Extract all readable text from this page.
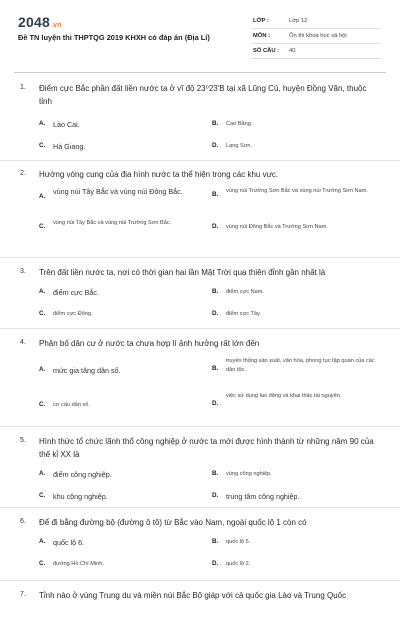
2048.vn
Đề TN luyện thi THPTQG 2019 KHXH có đáp án (Địa Lí)
LỚP :	Lớp 12
MÔN :	Ôn thi khoa học xã hội
SỐ CÂU :	40
1. Điểm cực Bắc phần đất liền nước ta ở vĩ độ 23⁰23'B tại xã Lũng Cú, huyện Đồng Văn, thuộc tỉnh
A.	Lào Cai.	B.	Cao Bằng.
C.	Hà Giang.	D.	Lạng Sơn.
2. Hướng vòng cung của địa hình nước ta thể hiện trong các khu vực.
A.
vùng núi Tây Bắc và vùng núi Đông Bắc.	B.	vùng núi Trường Sơn Bắc và vùng núi Trường Sơn Nam.
C.	vùng núi Tây Bắc và vùng núi Trường Sơn Bắc.	D.	vùng núi Đông Bắc và Trường Sơn Nam.
3. Trên đất liền nước ta, nơi có thời gian hai lần Mặt Trời qua thiên đỉnh gần nhất là
A.	điểm cực Bắc.	B.	điểm cực Nam.
C.	điểm cực Đông.	D.	điểm cực Tây.
4. Phân bố dân cư ở nước ta chưa hợp lí ảnh hưởng rất lớn đến
A.	mức gia tăng dân số.	B.
truyền thống sản xuất, văn hóa, phong tục tập quán của các dân tộc.
C.	cơ cấu dân số.	D.
việc sử dụng lao động và khai thác tài nguyên.
5. Hình thức tổ chức lãnh thổ công nghiệp ở nước ta mới được hình thành từ những năm 90 của thế kỉ XX là
A.	điểm công nghiệp.	B.	vùng công nghiệp.
C.	khu công nghiệp.	D.	trung tâm công nghiệp.
6. Để đi bằng đường bộ (đường ô tô) từ Bắc vào Nam, ngoài quốc lộ 1 còn có
A.	quốc lộ 6.	B.	quốc lộ 5.
C.	đường Hồ Chí Minh.	D.	quốc lộ 2.
7. Tỉnh nào ở vùng Trung du và miền núi Bắc Bộ giáp với cả quốc gia Lào và Trung Quốc
